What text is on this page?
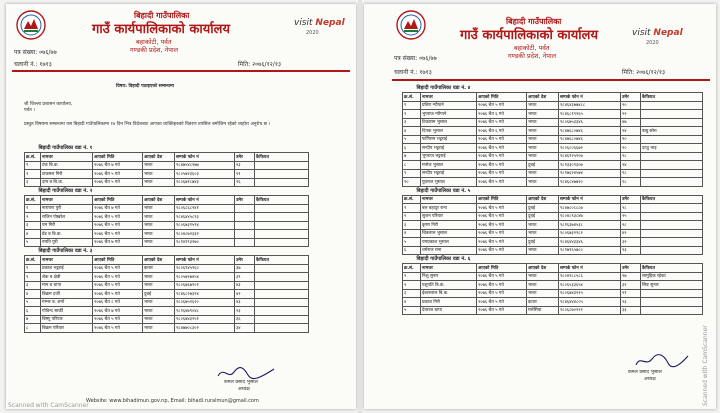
बिहादी गाउँपालिका
गाउँ कार्यपालिकाको कार्यालय
बहाकोटी, पर्वत
गण्डकी प्रदेश, नेपाल
visit Nepal
2020
पत्र संख्या: ०७६/७७
चलानी नं.: १७१३	मिति: २०७६/१२/१३
विषय: विहादी पठाइएको सम्बन्धमा
श्री जिल्ला प्रशासन कार्यालय,
पर्वत ।
प्रस्तुत विषयमा सम्बन्धमा यस बिहादी गाउँपालिकामा १४ दिन भित्र विदेशबाट आएका व्यक्तिहरुको विवरण तपसिल बमोजिम रहेको व्यहोरा अनुरोध छ ।
बिहादी गाउँपालिका वडा नं. १						
क्र.सं.	नामथर	आएको मिति	आएको देश	सम्पर्क फोन नं	उमेर	कैफियत
१	टंक बि.क.	२०७६ चैत ७ गते	भारत	९८४७५४८२७७	२३	
२	टाकमल गिरी	२०७६ चैत ५ गते	भारत	९८०५७२३६०३	२१	
३	दाम ब बि.क.	२०७६ चैत ५ गते	भारत	९८०६७१८७४३	२६	
बिहादी गाउँपालिका वडा नं. २						
क्र.सं.	नामथर	आएको मिति	आएको देश	सम्पर्क फोन नं	उमेर	कैफियत
१	नारायण पुरी	२०७६ चैत ७ गते	भारत	९८०६८६८२४१		
२	राजिन पोखरेल	२०७६ चैत ५ गते	भारत	९८४६४४५८९३		
३	यम गिरी	२०७६ चैत ५ गते	भारत	९८०६७३१५९४		
४	डेंड ब बि.क.	२०७६ चैत ५ गते	भारत	९८०४८७२३३२		
५	रुपति पुरी	२०७६ चैत ७ गते	भारत	९८१४१९३२७०		
बिहादी गाउँपालिका वडा नं. ३						
क्र.सं.	नामथर	आएको मिति	आएको देश	सम्पर्क फोन नं	उमेर	कैफियत
१	प्रकाश भट्टराई	२०७६ चैत ५ गते	कतार	९८०६१४५९६०	३७	
२	शेक ब क्षेत्री	२०७६ चैत ५ गते	भारत	९८०५७२७४५४	३९	
३	मान ब थापा	२०७६ चैत ५ गते	भारत	९८०६७६७९०१	४३	
४	बिक्रम दर्जी	२०७६ चैत ५ गते	दुबई	९८४६८२७३२४	४२	
५	गम्भर ब. शर्मा	२०७६ चैत ८ गते	भारत	९८०६७५२६२०	४३	
६	गोविन्द सार्की	२०७६ चैत ७ गते	भारत	९८१६४७९०४८	२३	
७	बिष्णु परियार	२०७६ चैत ५ गते	भारत	९८०६७४३२५१	३६	
८	बिक्रम परियार	२०७६ चैत ५ गते	भारत	९८४७७०८३०२	३४	
कमल प्रसाद भुसाल
अध्यक्ष
Website: www.bihadimun.gov.np, Email: bihadi.ruralmun@gmail.com
Scanned with CamScanner
बिहादी गाउँपालिका
गाउँ कार्यपालिकाको कार्यालय
बहाकोटी, पर्वत
गण्डकी प्रदेश, नेपाल
visit Nepal
2020
पत्र संख्या: ०७६/७७
चलानी नं.: १७१३	मिति: २०७६/१२/१३
बिहादी गाउँपालिका वडा नं. ४						
क्र.सं.	नामथर	आएको मिति	आएको देश	सम्पर्क फोन नं	उमेर	कैफियत
१	प्रविण न्यौपाने	२०७६ चैत ५ गते	भारत	९८४६४३७७४८८	२०	
२	भुपराज न्यौपाने	२०७६ चैत ६ गते	भारत	९८४६८१९२६५	२२	
३	टिकाराम भुसाल	२०७६ चैत ५ गते	भारत	९८०६७५३३४६	४७	
४	दिपक भुसाल	२०७६ चैत ६ गते	भारत	९८४७६८०७४६	२४	बाबु छोरा
५	फणिराम भट्टराई	२०७६ चैत ५ गते	भारत	९८४७६८०७४६	२०	
६	सन्दीप भट्टराई	२०७६ चैत ५ गते	भारत	९८०६८०६६७२	२०	दाजु भाइ
७	भुपराज भट्टराई	२०७६ चैत ५ गते	भारत	९८४६१२५९०७	२८	
८	मनोज भुसाल	२०७६ चैत ५ गते	दुबई	९८१३३०९३०७	२४	
९	सन्दीप भट्टराई	२०७६ चैत ५ गते	भारत	९८१७६२४५७४	१८	
१०	युवराज भुसाल	२०७६ चैत ५ गते	भारत	९८४६८४७७२०	१८	
बिहादी गाउँपालिका वडा नं. ५						
क्र.सं.	नामथर	आएको मिति	आएको देश	सम्पर्क फोन नं	उमेर	कैफियत
१	बल बहादुर राना	२०७६ चैत ५ गते	दुबई	९८४७८०८८८७	२८	
२	सुजन परियार	२०७६ चैत ५ गते	दुबई	९८०४८९३८४७	२५	
३	कृष्ण गिरी	२०७६ चैत ५ गते	भारत	९८१६३७४५३८	२८	
४	चित्रलाल भुसाल	२०७६ चैत ५ गते	भारत	९८०६७३२९८२	४२	
५	यमप्रकाश भुसाल	२०७६ चैत ५ गते	दुबई	९८४६४४३३४६	३२	
६	धर्मराज राना	२०७६ चैत ५ गते	भारत	९८१७१६५७८०	२३	
बिहादी गाउँपालिका वडा नं. ६						
क्र.सं.	नामथर	आएको मिति	आएको देश	सम्पर्क फोन नं	उमेर	कैफियत
१	निशु सुनार	२०७६ चैत ५ गते	भारत	९८०४९८८५८६	२७	सामुहिक रहेका
२	पशुपति बि.क.	२०७६ चैत ५ गते	भारत	९८०६५३३६५४	३२	सिङ सुनार
३	ईश्वरलाल बि.क.	२०७६ चैत ५ गते	भारत	९८०६७४३२२५	२१	
४	प्रकाश गिरी	२०७६ चैत ५ गते	कतार	९८४६४४४८०५	२३	
५	देवराज थापा	२०७६ चैत ५ गते	मलेसिया	९८०६८७०२२२	३३	
कमल प्रसाद भुसाल
अध्यक्ष	Scanned with CamScanner
